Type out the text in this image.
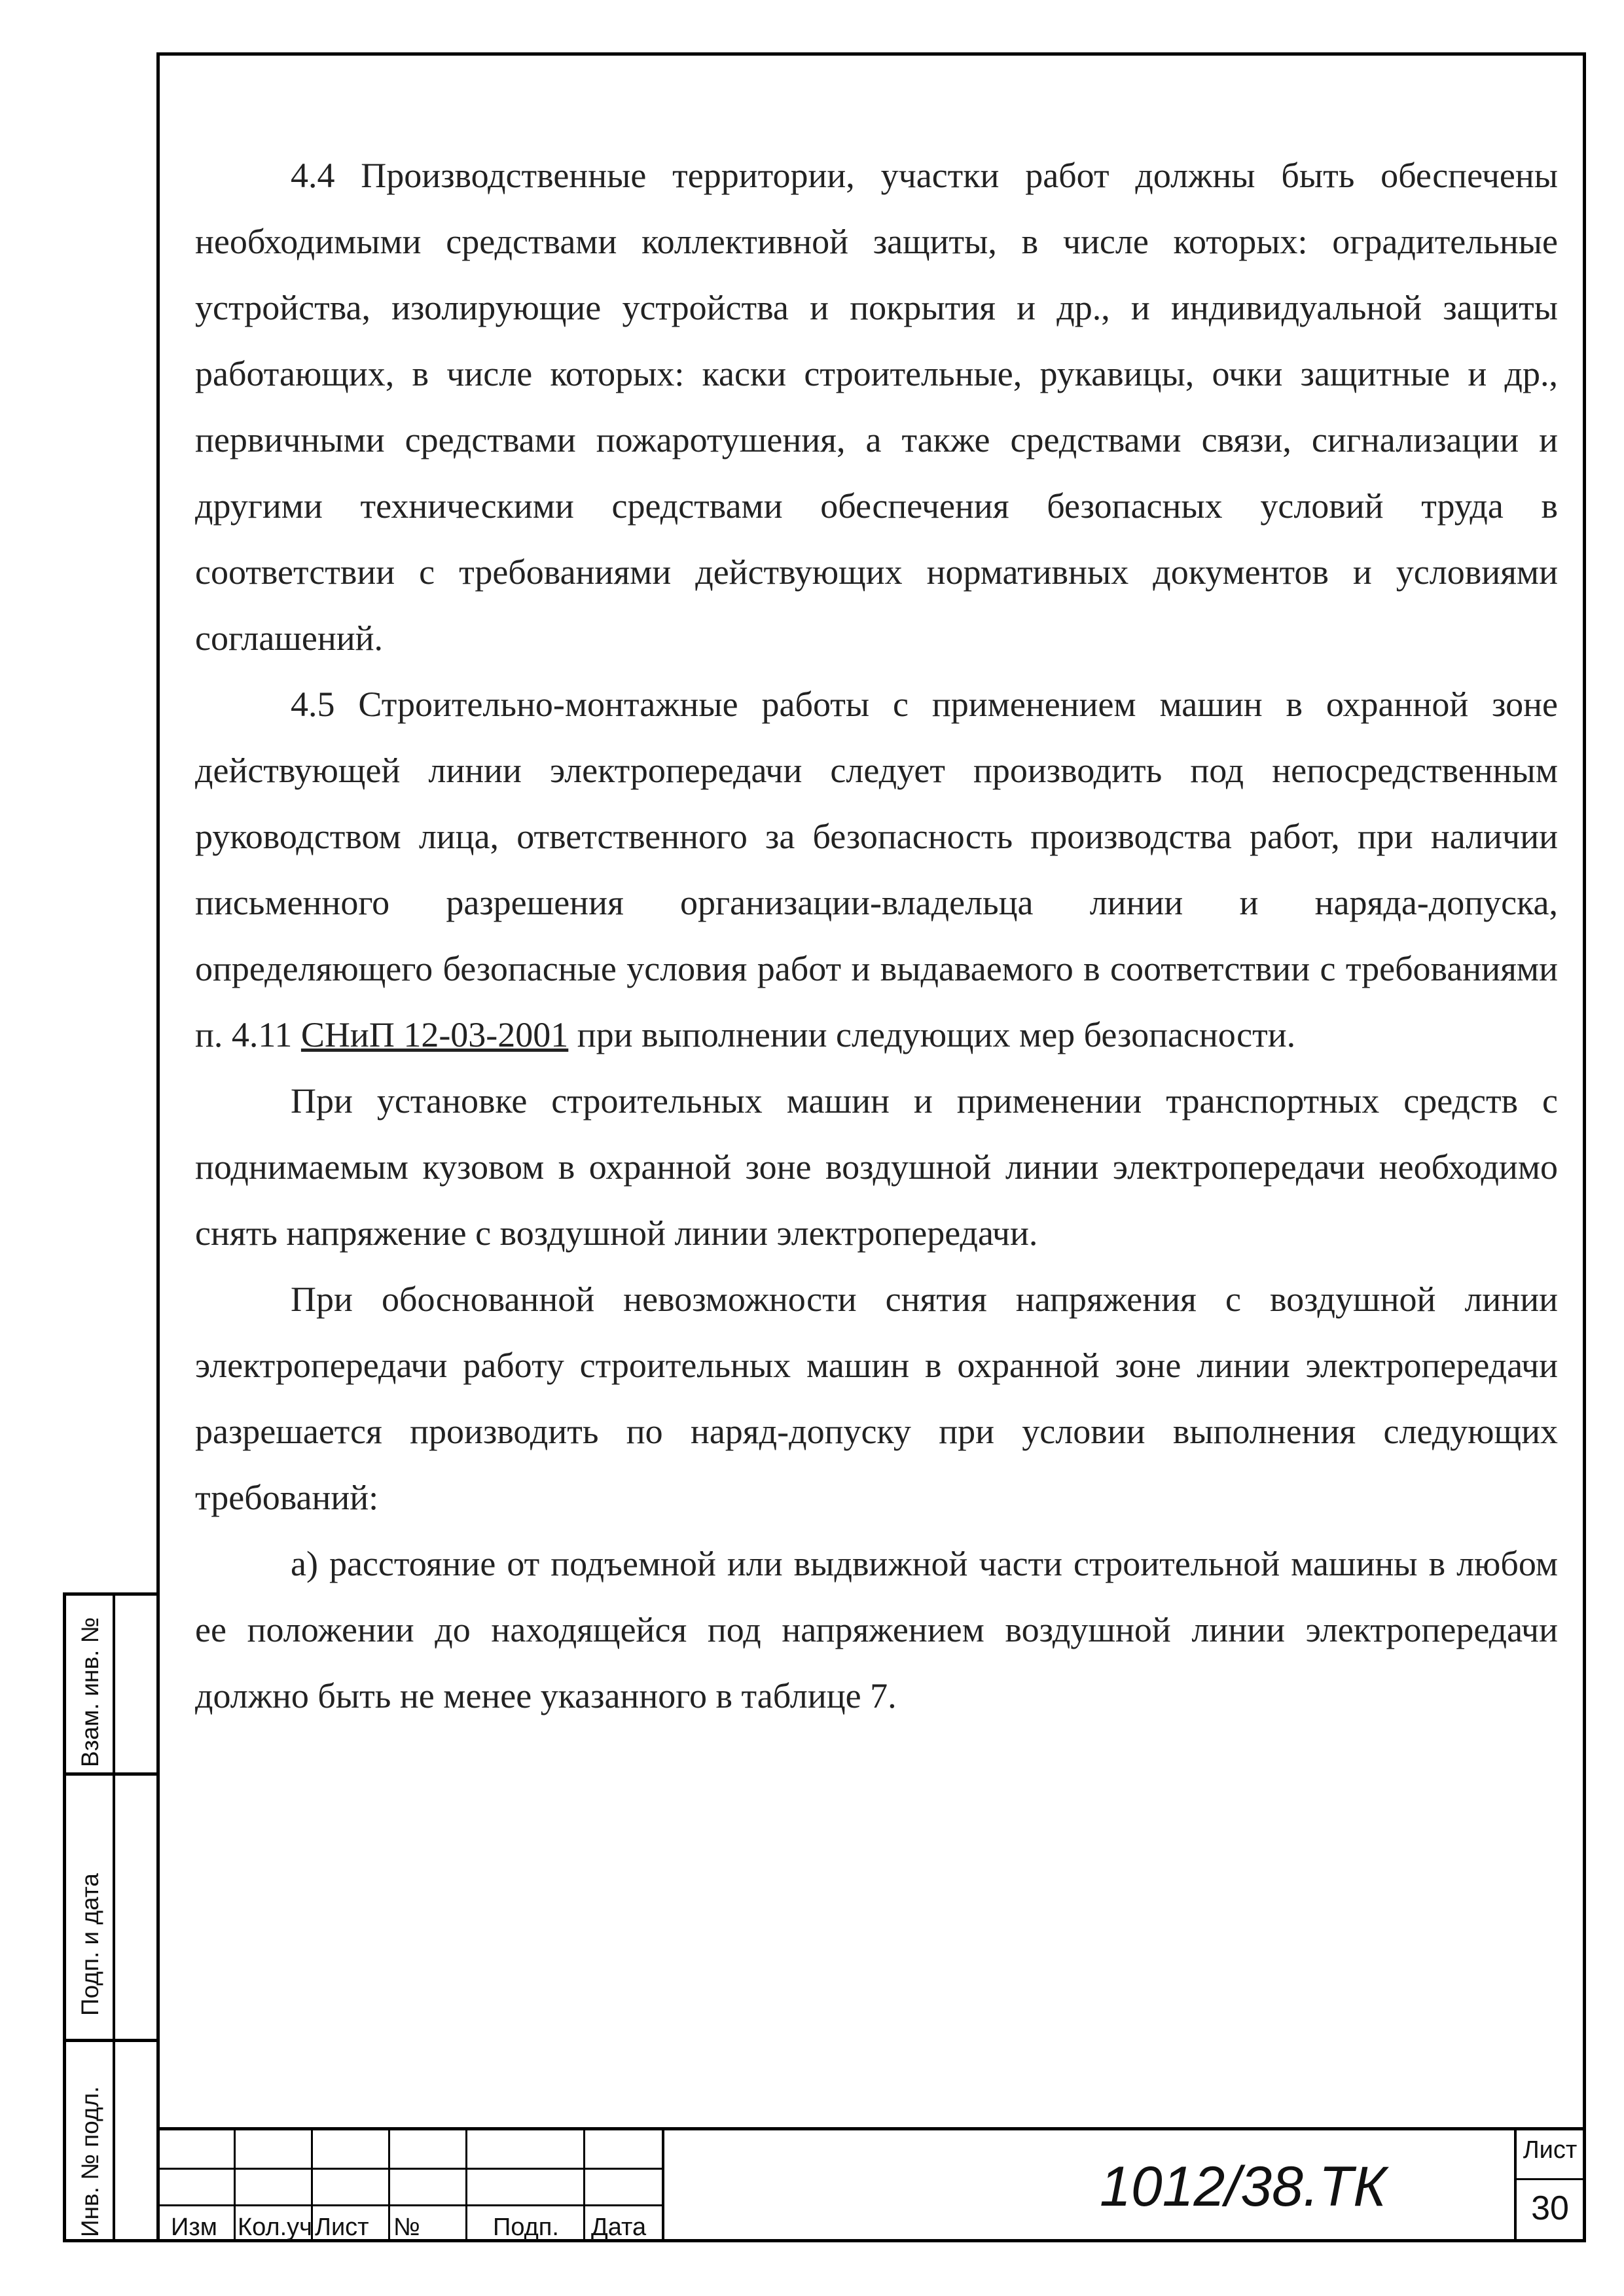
4.4 Производственные территории, участки работ должны быть обеспечены необходимыми средствами коллективной защиты, в числе которых: оградительные устройства, изолирующие устройства и покрытия и др., и индивидуальной защиты работающих, в числе которых: каски строительные, рукавицы, очки защитные и др., первичными средствами пожаротушения, а также средствами связи, сигнализации и другими техническими средствами обеспечения безопасных условий труда в соответствии с требованиями действующих нормативных документов и условиями соглашений.

4.5 Строительно-монтажные работы с применением машин в охранной зоне действующей линии электропередачи следует производить под непосредственным руководством лица, ответственного за безопасность производства работ, при наличии письменного разрешения организации-владельца линии и наряда-допуска, определяющего безопасные условия работ и выдаваемого в соответствии с требованиями п. 4.11 СНиП 12-03-2001 при выполнении следующих мер безопасности.

При установке строительных машин и применении транспортных средств с поднимаемым кузовом в охранной зоне воздушной линии электропередачи необходимо снять напряжение с воздушной линии электропередачи.

При обоснованной невозможности снятия напряжения с воздушной линии электропередачи работу строительных машин в охранной зоне линии электропередачи разрешается производить по наряд-допуску при условии выполнения следующих требований:

а) расстояние от подъемной или выдвижной части строительной машины в любом ее положении до находящейся под напряжением воздушной линии электропередачи должно быть не менее указанного в таблице 7.

Взам. инв. №
Подп. и дата
Инв. № подл.	Изм Кол.уч Лист №	Подп. Дата
1012/38.ТК
Лист
30
